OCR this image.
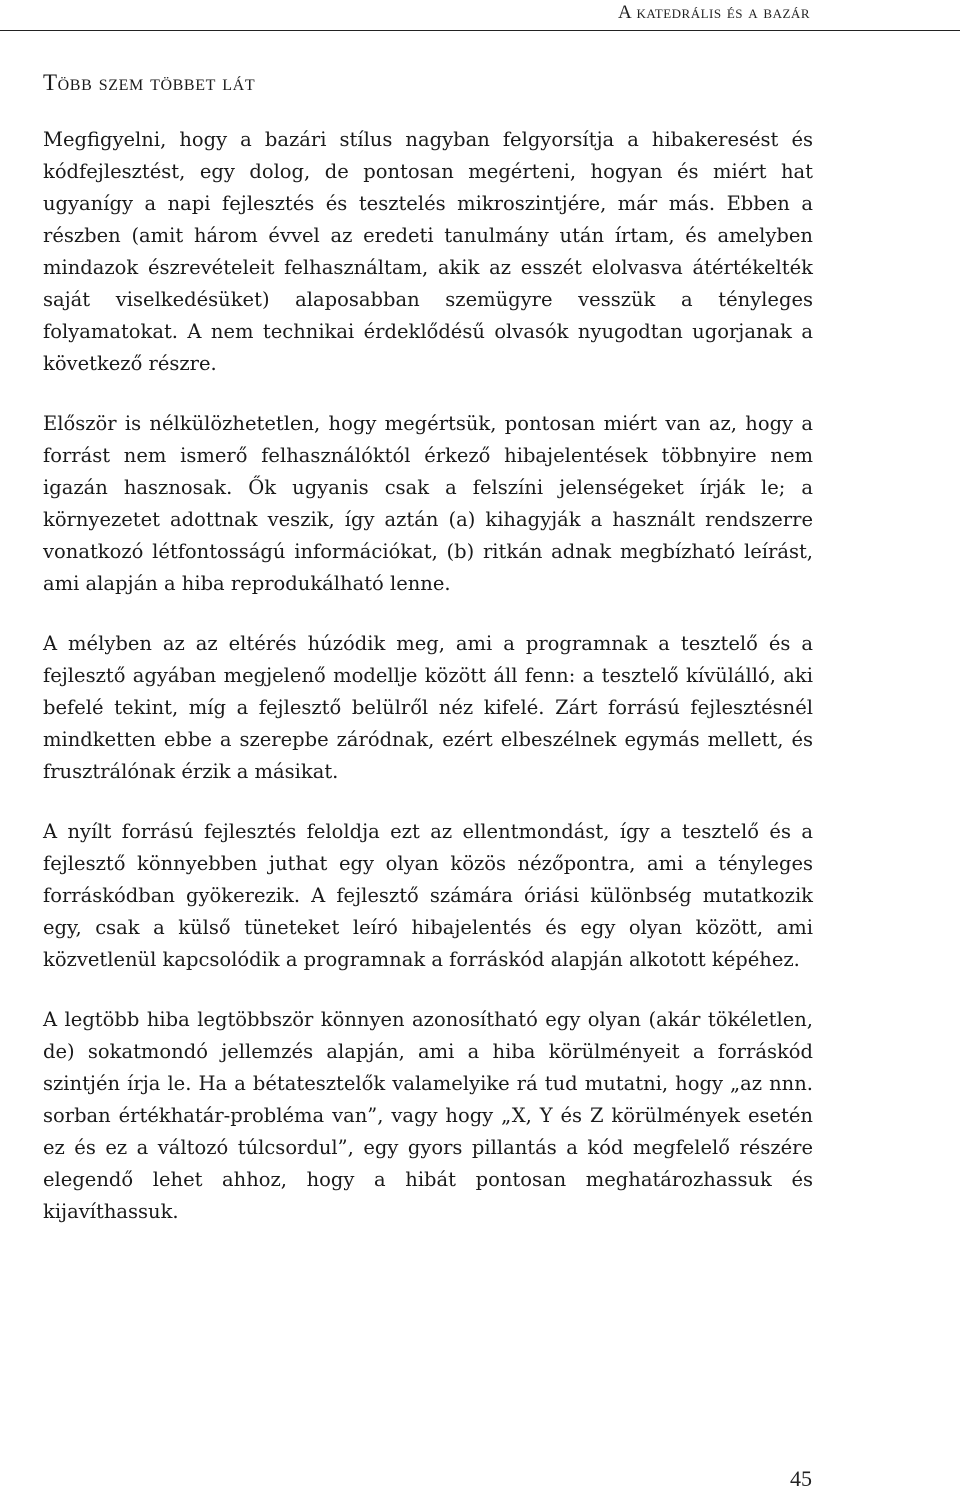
A katedrális és a bazár
Több szem többet lát

Megfigyelni, hogy a bazári stílus nagyban felgyorsítja a hibakeresést és kódfejlesztést, egy dolog, de pontosan megérteni, hogyan és miért hat ugyanígy a napi fejlesztés és tesztelés mikroszintjére, már más. Ebben a részben (amit három évvel az eredeti tanulmány után írtam, és amelyben mindazok észrevételeit felhasználtam, akik az esszét elolvasva átértékelték saját viselkedésüket) alaposabban szemügyre vesszük a tényleges folyamatokat. A nem technikai érdeklődésű olvasók nyugodtan ugorjanak a következő részre.

Először is nélkülözhetetlen, hogy megértsük, pontosan miért van az, hogy a forrást nem ismerő felhasználóktól érkező hibajelentések többnyire nem igazán hasznosak. Ők ugyanis csak a felszíni jelenségeket írják le; a környezetet adottnak veszik, így aztán (a) kihagyják a használt rendszerre vonatkozó létfontosságú információkat, (b) ritkán adnak megbízható leírást, ami alapján a hiba reprodukálható lenne.

A mélyben az az eltérés húzódik meg, ami a programnak a tesztelő és a fejlesztő agyában megjelenő modellje között áll fenn: a tesztelő kívülálló, aki befelé tekint, míg a fejlesztő belülről néz kifelé. Zárt forrású fejlesztésnél mindketten ebbe a szerepbe záródnak, ezért elbeszélnek egymás mellett, és frusztrálónak érzik a másikat.

A nyílt forrású fejlesztés feloldja ezt az ellentmondást, így a tesztelő és a fejlesztő könnyebben juthat egy olyan közös nézőpontra, ami a tényleges forráskódban gyökerezik. A fejlesztő számára óriási különbség mutatkozik egy, csak a külső tüneteket leíró hibajelentés és egy olyan között, ami közvetlenül kapcsolódik a programnak a forráskód alapján alkotott képéhez.

A legtöbb hiba legtöbbször könnyen azonosítható egy olyan (akár tökéletlen, de) sokatmondó jellemzés alapján, ami a hiba körülményeit a forráskód szintjén írja le. Ha a bétatesztelők valamelyike rá tud mutatni, hogy „az nnn. sorban értékhatár-probléma van”, vagy hogy „X, Y és Z körülmények esetén ez és ez a változó túlcsordul”, egy gyors pillantás a kód megfelelő részére elegendő lehet ahhoz, hogy a hibát pontosan meghatározhassuk és kijavíthassuk.

45
